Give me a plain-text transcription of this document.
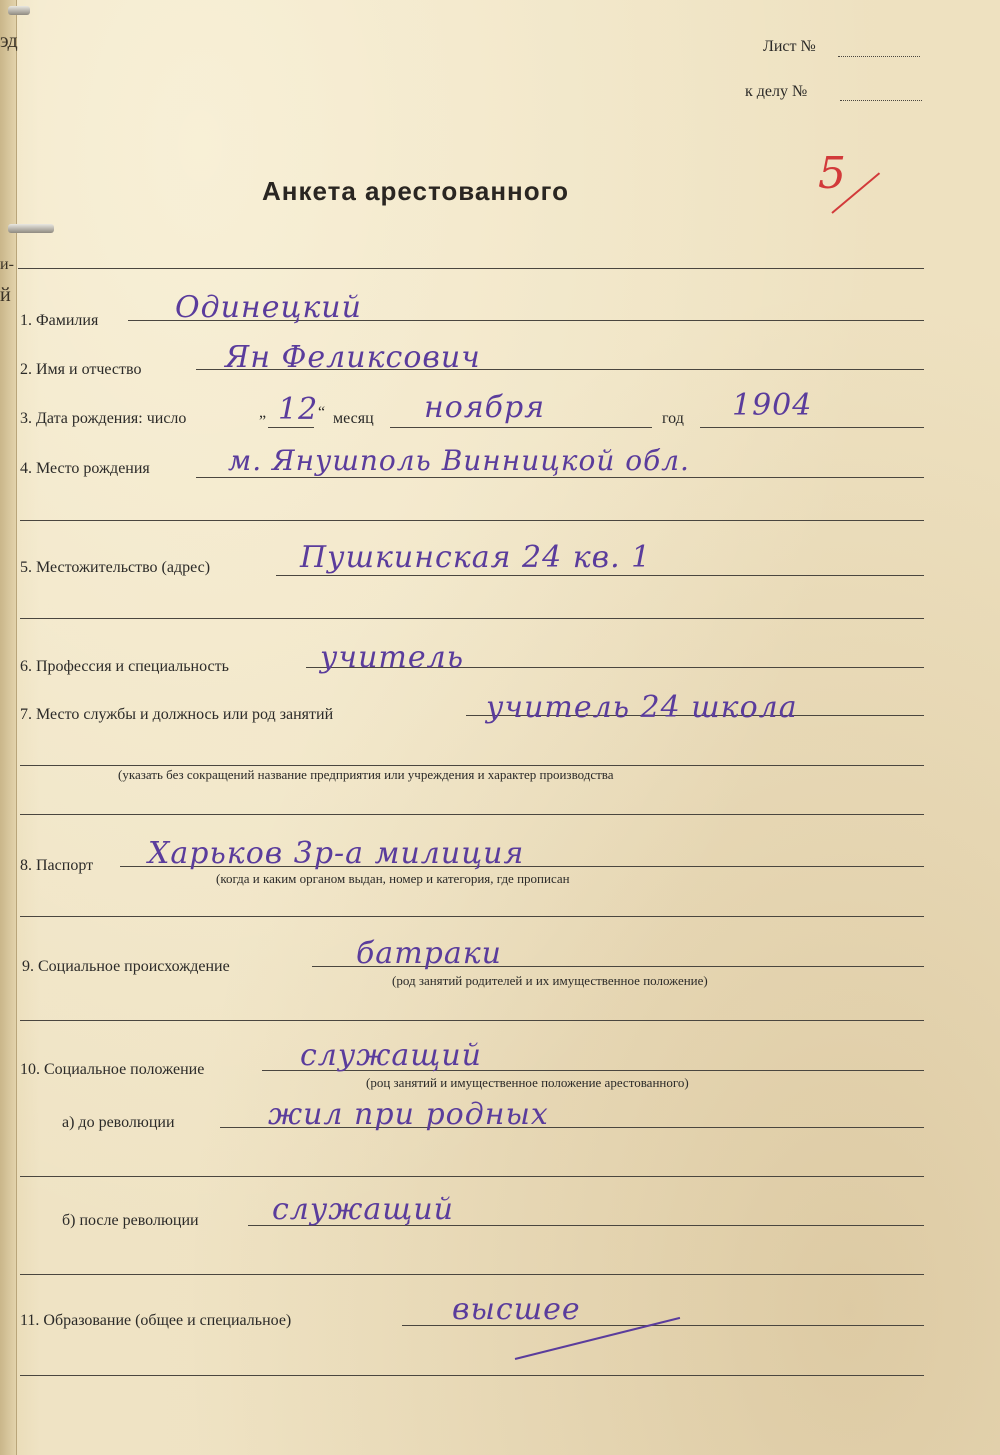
эд
и-
й
Лист №
к делу №
5
Анкета арестованного
1. Фамилия	Одинецкий
2. Имя и отчество	Ян Феликсович
3. Дата рождения: число	„ 12 “ месяц ноября	год 1904
4. Место рождения	м. Янушполь Винницкой обл.
5. Местожительство (адрес)	Пушкинская 24 кв. 1
6. Профессия и специальность	учитель
7. Место службы и должнось или род занятий	учитель 24 школа
(указать без сокращений название предприятия или учреждения и характер производства
8. Паспорт Харьков 3р-а милиция
(когда и каким органом выдан, номер и категория, где прописан
9. Социальное происхождение	батраки
(род занятий родителей и их имущественное положение)
10. Социальное положение	служащий
(роц занятий и имущественное положение арестованного)
а) до революции	жил при родных
б) после революции служащий
11. Образование (общее и специальное)	высшее
